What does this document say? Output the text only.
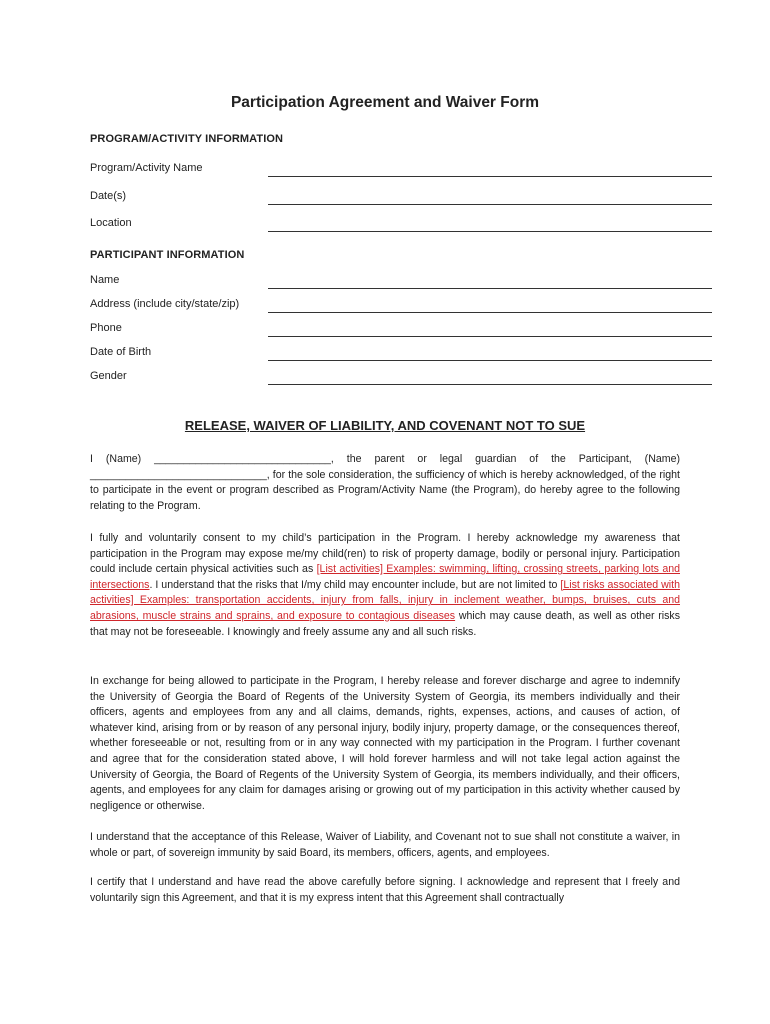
Participation Agreement and Waiver Form
PROGRAM/ACTIVITY INFORMATION
Program/Activity Name
Date(s)
Location
PARTICIPANT INFORMATION
Name
Address (include city/state/zip)
Phone
Date of Birth
Gender
RELEASE, WAIVER OF LIABILITY, AND COVENANT NOT TO SUE

I (Name) ______________________________, the parent or legal guardian of the Participant, (Name) ______________________________, for the sole consideration, the sufficiency of which is hereby acknowledged, of the right to participate in the event or program described as Program/Activity Name (the Program), do hereby agree to the following relating to the Program.

I fully and voluntarily consent to my child’s participation in the Program. I hereby acknowledge my awareness that participation in the Program may expose me/my child(ren) to risk of property damage, bodily or personal injury. Participation could include certain physical activities such as [List activities] Examples: swimming, lifting, crossing streets, parking lots and intersections. I understand that the risks that I/my child may encounter include, but are not limited to [List risks associated with activities] Examples: transportation accidents, injury from falls, injury in inclement weather, bumps, bruises, cuts and abrasions, muscle strains and sprains, and exposure to contagious diseases which may cause death, as well as other risks that may not be foreseeable. I knowingly and freely assume any and all such risks.

In exchange for being allowed to participate in the Program, I hereby release and forever discharge and agree to indemnify the University of Georgia the Board of Regents of the University System of Georgia, its members individually and their officers, agents and employees from any and all claims, demands, rights, expenses, actions, and causes of action, of whatever kind, arising from or by reason of any personal injury, bodily injury, property damage, or the consequences thereof, whether foreseeable or not, resulting from or in any way connected with my participation in the Program. I further covenant and agree that for the consideration stated above, I will hold forever harmless and will not take legal action against the University of Georgia, the Board of Regents of the University System of Georgia, its members individually, and their officers, agents, and employees for any claim for damages arising or growing out of my participation in this activity whether caused by negligence or otherwise.

I understand that the acceptance of this Release, Waiver of Liability, and Covenant not to sue shall not constitute a waiver, in whole or part, of sovereign immunity by said Board, its members, officers, agents, and employees.

I certify that I understand and have read the above carefully before signing. I acknowledge and represent that I freely and voluntarily sign this Agreement, and that it is my express intent that this Agreement shall contractually
